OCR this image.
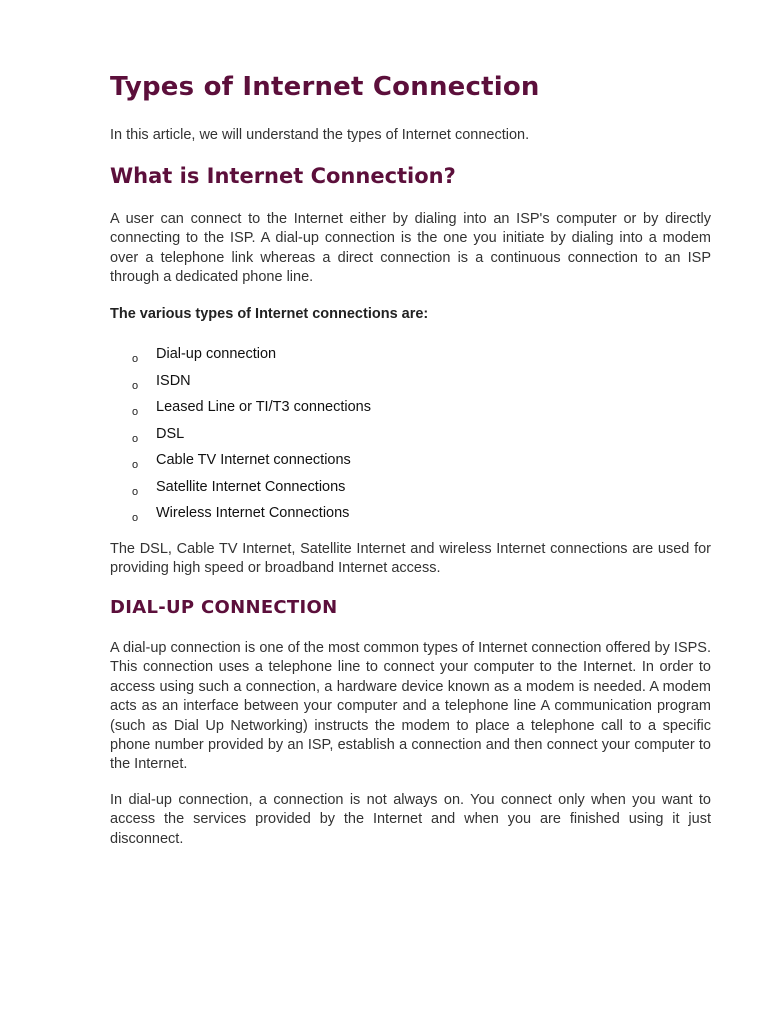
Types of Internet Connection

In this article, we will understand the types of Internet connection.

What is Internet Connection?

A user can connect to the Internet either by dialing into an ISP's computer or by directly connecting to the ISP. A dial-up connection is the one you initiate by dialing into a modem over a telephone link whereas a direct connection is a continuous connection to an ISP through a dedicated phone line.

The various types of Internet connections are:

o Dial-up connection
o ISDN
o Leased Line or TI/T3 connections
o DSL
o Cable TV Internet connections
o Satellite Internet Connections
o Wireless Internet Connections

The DSL, Cable TV Internet, Satellite Internet and wireless Internet connections are used for providing high speed or broadband Internet access.

DIAL-UP CONNECTION

A dial-up connection is one of the most common types of Internet connection offered by ISPS. This connection uses a telephone line to connect your computer to the Internet. In order to access using such a connection, a hardware device known as a modem is needed. A modem acts as an interface between your computer and a telephone line A communication program (such as Dial Up Networking) instructs the modem to place a telephone call to a specific phone number provided by an ISP, establish a connection and then connect your computer to the Internet.

In dial-up connection, a connection is not always on. You connect only when you want to access the services provided by the Internet and when you are finished using it just disconnect.
